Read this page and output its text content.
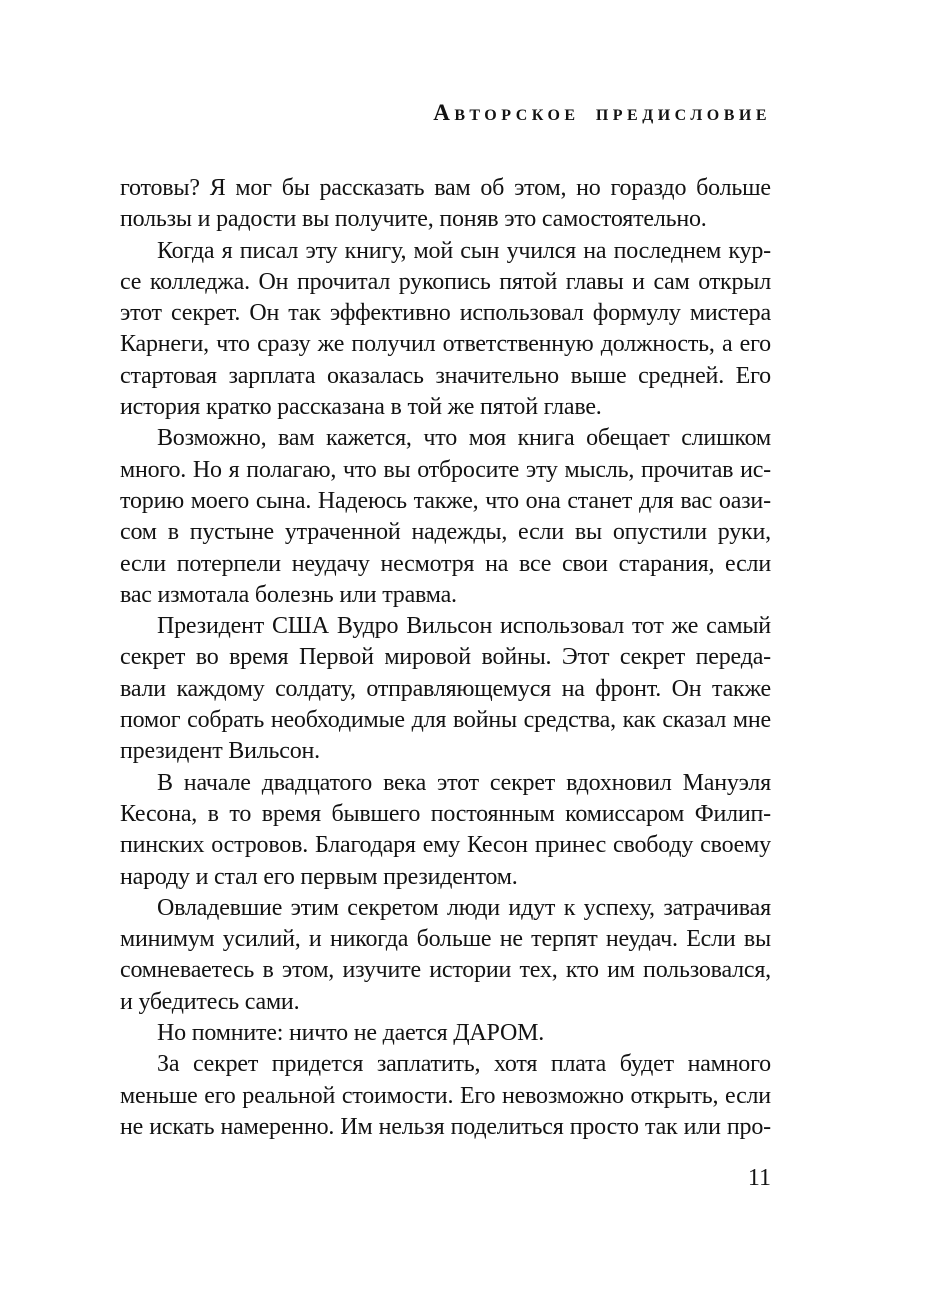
Авторское предисловие
готовы? Я мог бы рассказать вам об этом, но гораздо больше
пользы и радости вы получите, поняв это самостоятельно.
Когда я писал эту книгу, мой сын учился на последнем кур-
се колледжа. Он прочитал рукопись пятой главы и сам открыл
этот секрет. Он так эффективно использовал формулу мистера
Карнеги, что сразу же получил ответственную должность, а его
стартовая зарплата оказалась значительно выше средней. Его
история кратко рассказана в той же пятой главе.
Возможно, вам кажется, что моя книга обещает слишком
много. Но я полагаю, что вы отбросите эту мысль, прочитав ис-
торию моего сына. Надеюсь также, что она станет для вас оази-
сом в пустыне утраченной надежды, если вы опустили руки,
если потерпели неудачу несмотря на все свои старания, если
вас измотала болезнь или травма.
Президент США Вудро Вильсон использовал тот же самый
секрет во время Первой мировой войны. Этот секрет переда-
вали каждому солдату, отправляющемуся на фронт. Он также
помог собрать необходимые для войны средства, как сказал мне
президент Вильсон.
В начале двадцатого века этот секрет вдохновил Мануэля
Кесона, в то время бывшего постоянным комиссаром Филип-
пинских островов. Благодаря ему Кесон принес свободу своему
народу и стал его первым президентом.
Овладевшие этим секретом люди идут к успеху, затрачивая
минимум усилий, и никогда больше не терпят неудач. Если вы
сомневаетесь в этом, изучите истории тех, кто им пользовался,
и убедитесь сами.
Но помните: ничто не дается ДАРОМ.
За секрет придется заплатить, хотя плата будет намного
меньше его реальной стоимости. Его невозможно открыть, если
не искать намеренно. Им нельзя поделиться просто так или про-
11
